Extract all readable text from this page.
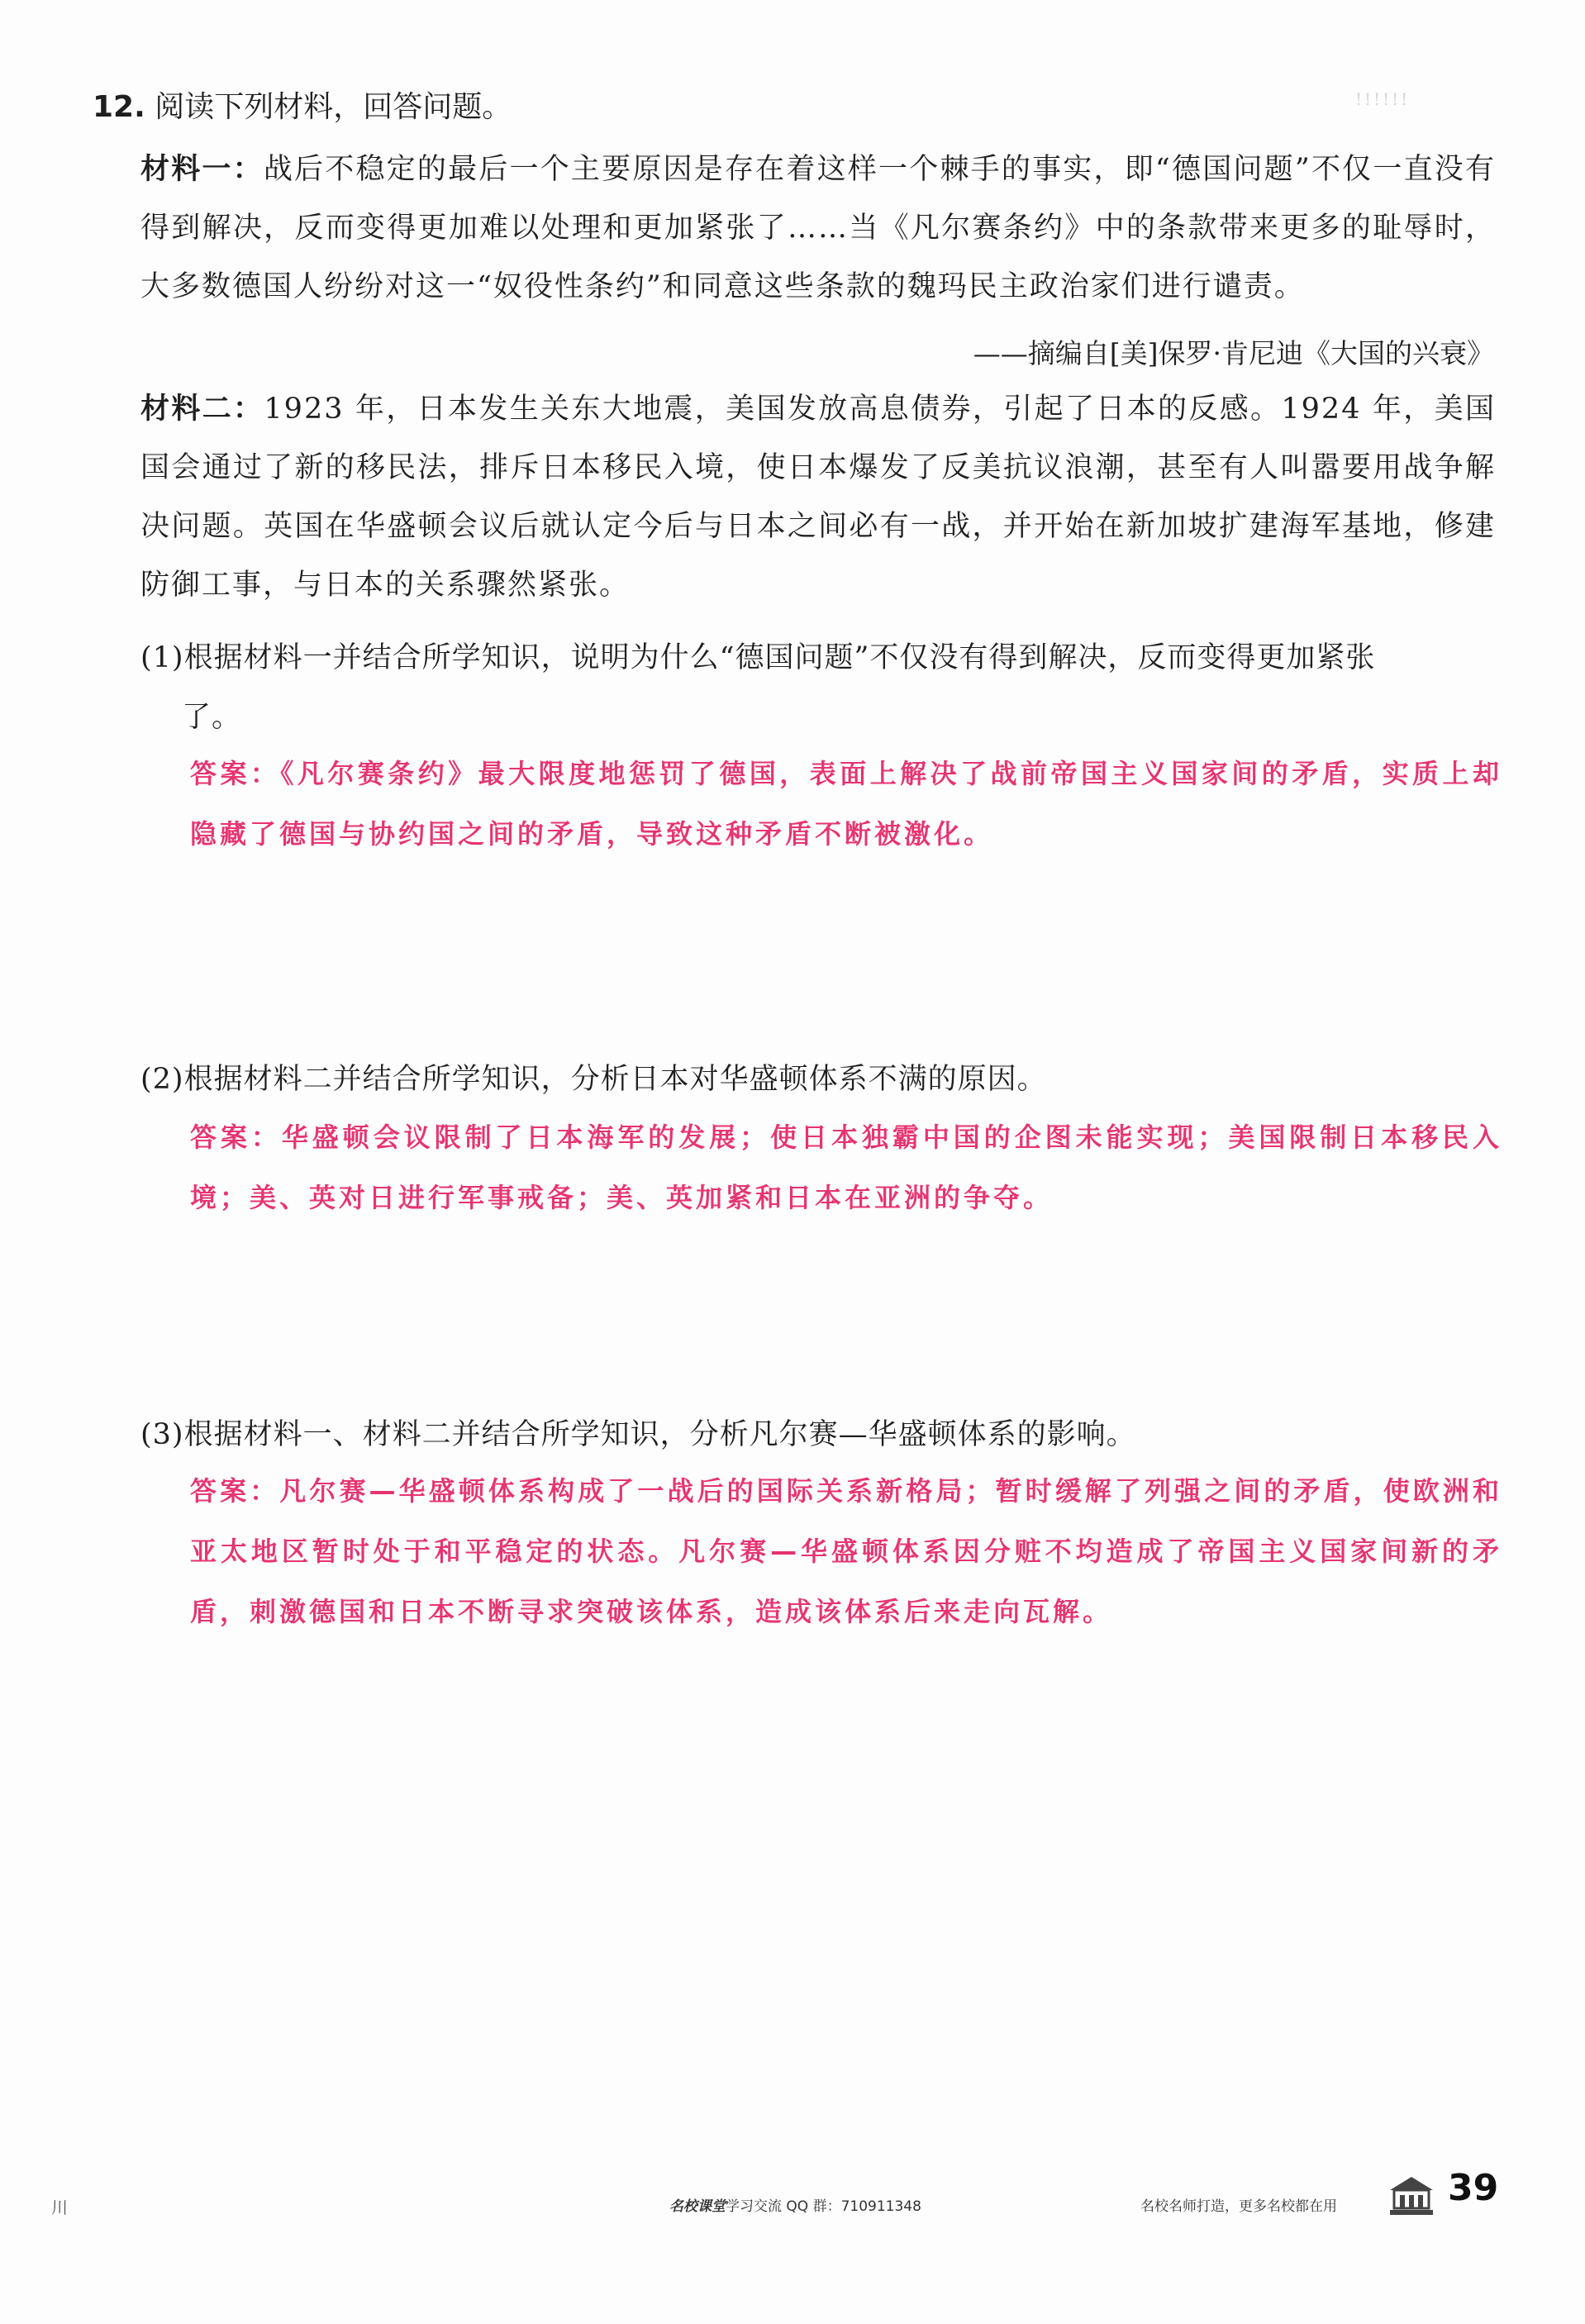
!!!!!!
12. 阅读下列材料，回答问题。
材料一：战后不稳定的最后一个主要原因是存在着这样一个棘手的事实，即“德国问题”不仅一直没有得到解决，反而变得更加难以处理和更加紧张了……当《凡尔赛条约》中的条款带来更多的耻辱时，大多数德国人纷纷对这一“奴役性条约”和同意这些条款的魏玛民主政治家们进行谴责。
——摘编自[美]保罗·肯尼迪《大国的兴衰》
材料二：1923 年，日本发生关东大地震，美国发放高息债券，引起了日本的反感。1924 年，美国国会通过了新的移民法，排斥日本移民入境，使日本爆发了反美抗议浪潮，甚至有人叫嚣要用战争解决问题。英国在华盛顿会议后就认定今后与日本之间必有一战，并开始在新加坡扩建海军基地，修建防御工事，与日本的关系骤然紧张。
(1)根据材料一并结合所学知识，说明为什么“德国问题”不仅没有得到解决，反而变得更加紧张
了。
答案：《凡尔赛条约》最大限度地惩罚了德国，表面上解决了战前帝国主义国家间的矛盾，实质上却隐藏了德国与协约国之间的矛盾，导致这种矛盾不断被激化。
(2)根据材料二并结合所学知识，分析日本对华盛顿体系不满的原因。
答案：华盛顿会议限制了日本海军的发展；使日本独霸中国的企图未能实现；美国限制日本移民入境；美、英对日进行军事戒备；美、英加紧和日本在亚洲的争夺。
(3)根据材料一、材料二并结合所学知识，分析凡尔赛—华盛顿体系的影响。
答案：凡尔赛—华盛顿体系构成了一战后的国际关系新格局；暂时缓解了列强之间的矛盾，使欧洲和亚太地区暂时处于和平稳定的状态。凡尔赛—华盛顿体系因分赃不均造成了帝国主义国家间新的矛盾，刺激德国和日本不断寻求突破该体系，造成该体系后来走向瓦解。
川	名校课堂学习交流 QQ 群：710911348	名校名师打造，更多名校都在用	39
